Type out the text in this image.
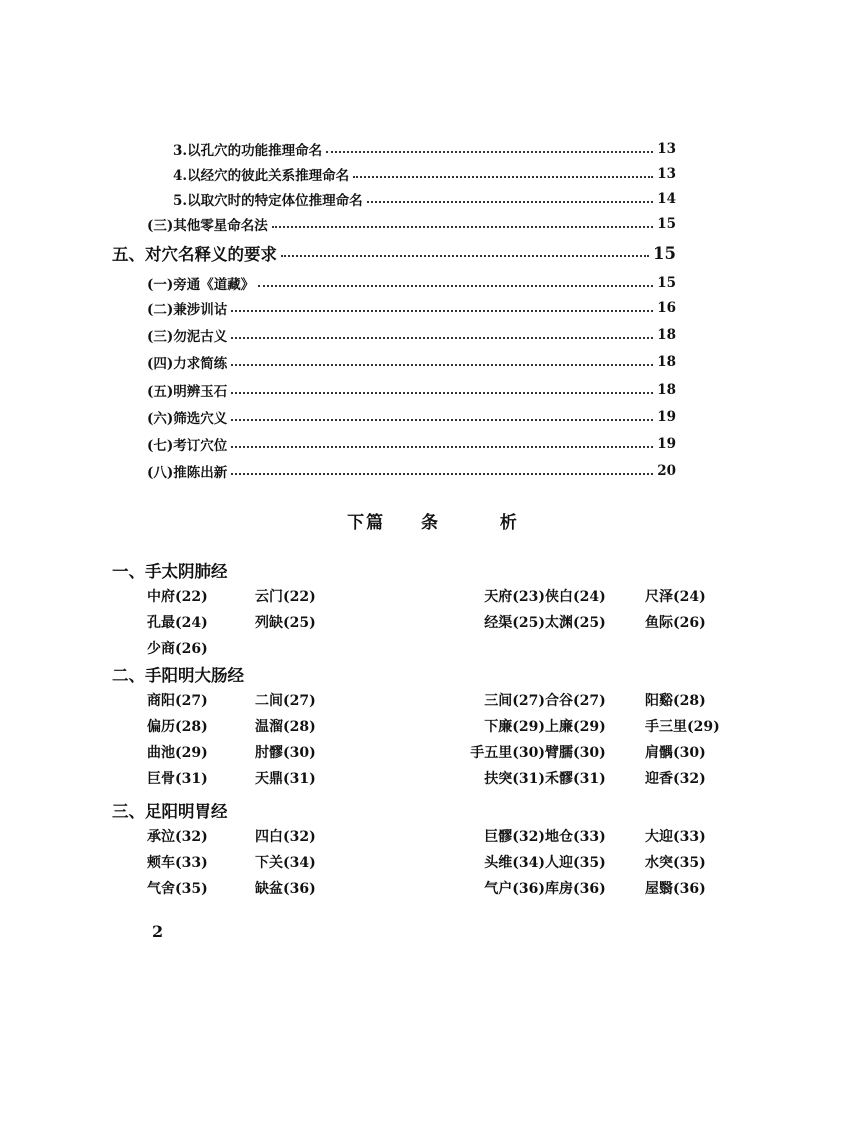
3.以孔穴的功能推理命名	13
4.以经穴的彼此关系推理命名	13
5.以取穴时的特定体位推理命名	14
(三)其他零星命名法	15
五、对穴名释义的要求	15
(一)旁通《道藏》	15
(二)兼涉训诂	16
(三)勿泥古义	18
(四)力求简练	18
(五)明辨玉石	18
(六)筛选穴义	19
(七)考订穴位	19
(八)推陈出新	20
下篇 条	析
一、手太阴肺经
中府(22)	云门(22)	天府(23) 侠白(24)	尺泽(24)
孔最(24)	列缺(25)	经渠(25) 太渊(25)	鱼际(26)
少商(26)
二、手阳明大肠经
商阳(27)	二间(27)	三间(27) 合谷(27)	阳谿(28)
偏历(28)	温溜(28)	下廉(29) 上廉(29)	手三里(29)
曲池(29)	肘髎(30)	手五里(30) 臂臑(30)	肩髃(30)
巨骨(31)	天鼎(31)	扶突(31) 禾髎(31)	迎香(32)
三、足阳明胃经
承泣(32)	四白(32)	巨髎(32) 地仓(33)	大迎(33)
颊车(33)	下关(34)	头维(34) 人迎(35)	水突(35)
气舍(35)	缺盆(36)	气户(36) 库房(36)	屋翳(36)
2
